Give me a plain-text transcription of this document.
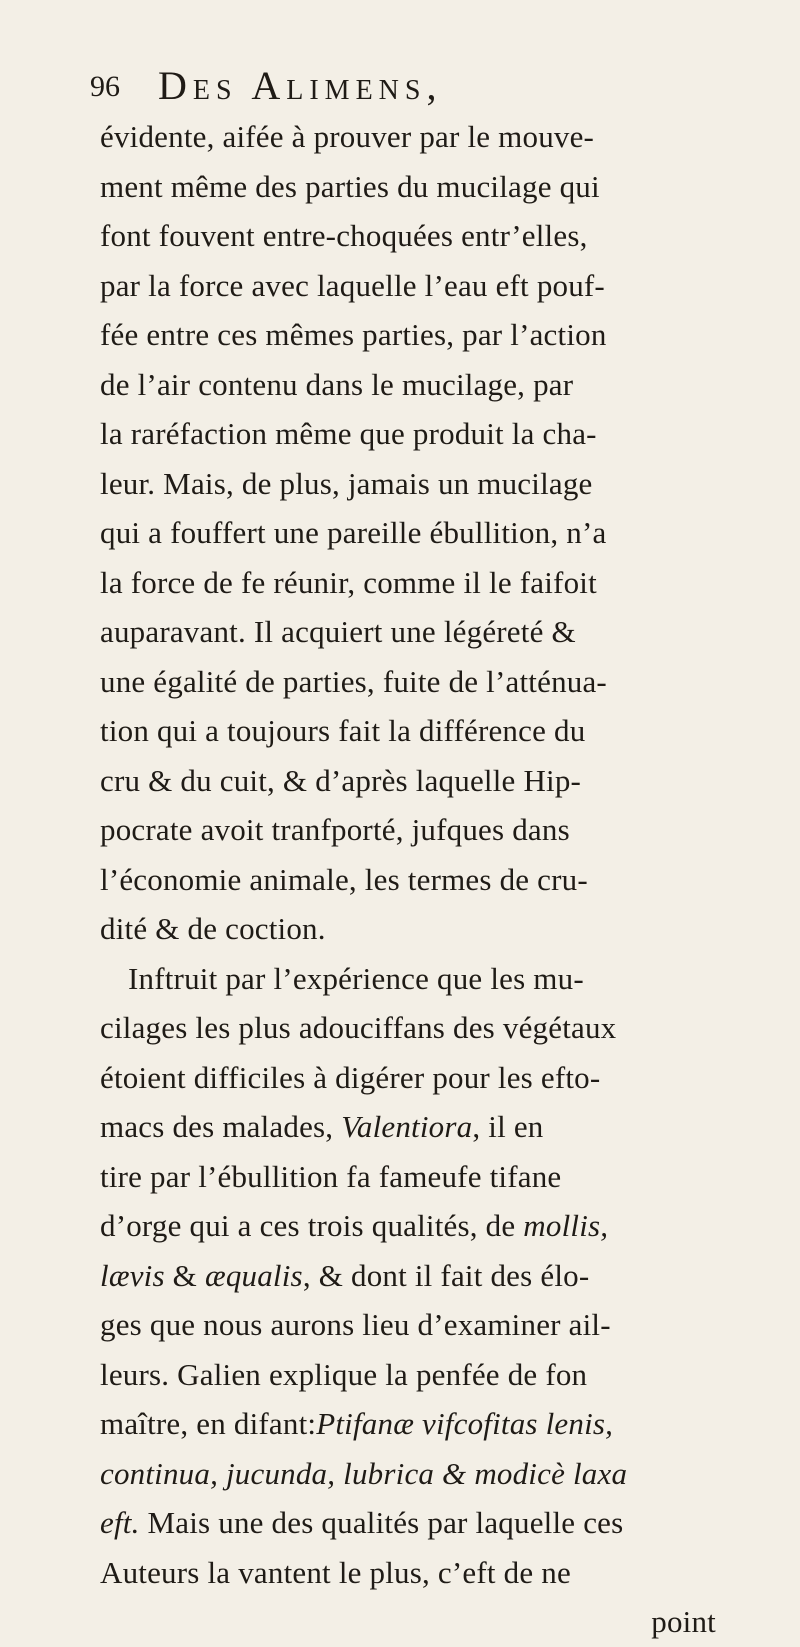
96 Des Alimens,
évidente, aifée à prouver par le mouve-
ment même des parties du mucilage qui
font fouvent entre-choquées entr’elles,
par la force avec laquelle l’eau eft pouf-
fée entre ces mêmes parties, par l’action
de l’air contenu dans le mucilage, par
la raréfaction même que produit la cha-
leur. Mais, de plus, jamais un mucilage
qui a fouffert une pareille ébullition, n’a
la force de fe réunir, comme il le faifoit
auparavant. Il acquiert une légéreté &
une égalité de parties, fuite de l’atténua-
tion qui a toujours fait la différence du
cru & du cuit, & d’après laquelle Hip-
pocrate avoit tranfporté, jufques dans
l’économie animale, les termes de cru-
dité & de coction.
Inftruit par l’expérience que les mu-
cilages les plus adouciffans des végétaux
étoient difficiles à digérer pour les efto-
macs des malades, Valentiora, il en
tire par l’ébullition fa fameufe tifane
d’orge qui a ces trois qualités, de mollis,
lævis & æqualis, & dont il fait des élo-
ges que nous aurons lieu d’examiner ail-
leurs. Galien explique la penfée de fon
maître, en difant:Ptifanæ vifcofitas lenis,
continua, jucunda, lubrica & modicè laxa
eft. Mais une des qualités par laquelle ces
Auteurs la vantent le plus, c’eft de ne
point
